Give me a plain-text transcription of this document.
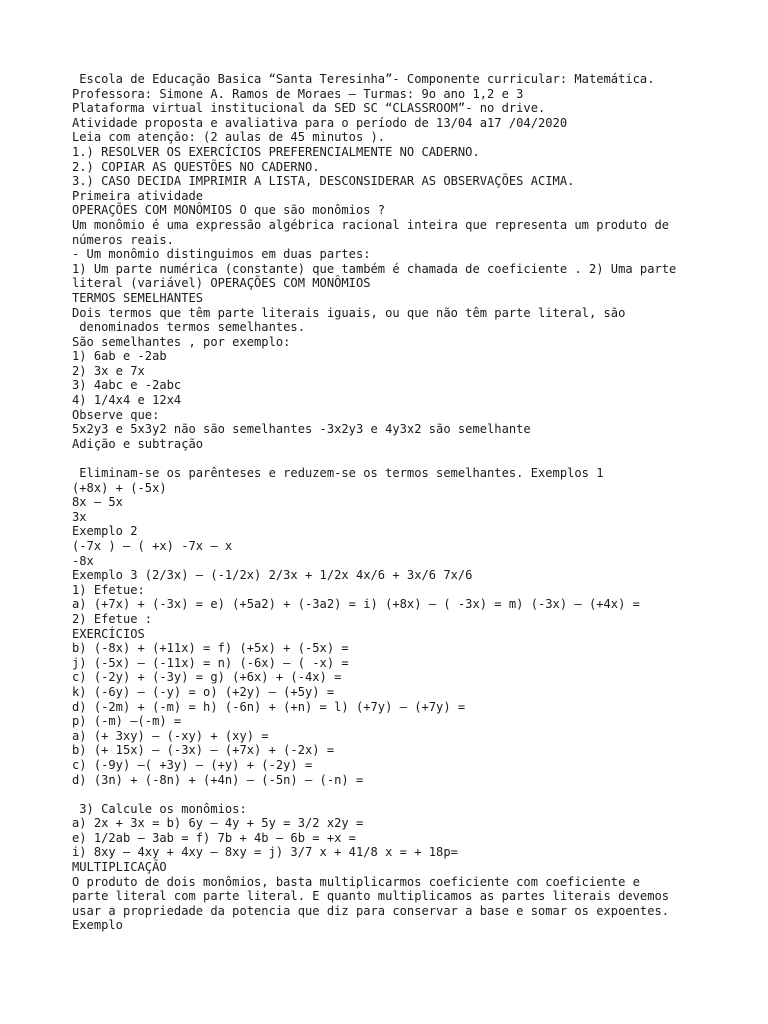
Escola de Educação Basica “Santa Teresinha”- Componente curricular: Matemática.
Professora: Simone A. Ramos de Moraes – Turmas: 9o ano 1,2 e 3
Plataforma virtual institucional da SED SC “CLASSROOM”- no drive.
Atividade proposta e avaliativa para o período de 13/04 a17 /04/2020
Leia com atenção: (2 aulas de 45 minutos ).
1.) RESOLVER OS EXERCÍCIOS PREFERENCIALMENTE NO CADERNO.
2.) COPIAR AS QUESTÕES NO CADERNO.
3.) CASO DECIDA IMPRIMIR A LISTA, DESCONSIDERAR AS OBSERVAÇÕES ACIMA.
Primeira atividade
OPERAÇÕES COM MONÔMIOS O que são monômios ?
Um monômio é uma expressão algébrica racional inteira que representa um produto de
números reais.
- Um monômio distinguimos em duas partes:
1) Um parte numérica (constante) que também é chamada de coeficiente . 2) Uma parte
literal (variável) OPERAÇÕES COM MONÔMIOS
TERMOS SEMELHANTES
Dois termos que têm parte literais iguais, ou que não têm parte literal, são
denominados termos semelhantes.
São semelhantes , por exemplo:
1) 6ab e -2ab
2) 3x e 7x
3) 4abc e -2abc
4) 1/4x4 e 12x4
Observe que:
5x2y3 e 5x3y2 não são semelhantes -3x2y3 e 4y3x2 são semelhante
Adição e subtração
Eliminam-se os parênteses e reduzem-se os termos semelhantes. Exemplos 1
(+8x) + (-5x)
8x – 5x
3x
Exemplo 2
(-7x ) – ( +x) -7x – x
-8x
Exemplo 3 (2/3x) – (-1/2x) 2/3x + 1/2x 4x/6 + 3x/6 7x/6
1) Efetue:
a) (+7x) + (-3x) = e) (+5a2) + (-3a2) = i) (+8x) – ( -3x) = m) (-3x) – (+4x) =
2) Efetue :
EXERCÍCIOS
b) (-8x) + (+11x) = f) (+5x) + (-5x) =
j) (-5x) – (-11x) = n) (-6x) – ( -x) =
c) (-2y) + (-3y) = g) (+6x) + (-4x) =
k) (-6y) – (-y) = o) (+2y) – (+5y) =
d) (-2m) + (-m) = h) (-6n) + (+n) = l) (+7y) – (+7y) =
p) (-m) –(-m) =
a) (+ 3xy) – (-xy) + (xy) =
b) (+ 15x) – (-3x) – (+7x) + (-2x) =
c) (-9y) –( +3y) – (+y) + (-2y) =
d) (3n) + (-8n) + (+4n) – (-5n) – (-n) =
3) Calcule os monômios:
a) 2x + 3x = b) 6y – 4y + 5y = 3/2 x2y =
e) 1/2ab – 3ab = f) 7b + 4b – 6b = +x =
i) 8xy – 4xy + 4xy – 8xy = j) 3/7 x + 41/8 x = + 18p=
MULTIPLICAÇÃO
O produto de dois monômios, basta multiplicarmos coeficiente com coeficiente e
parte literal com parte literal. E quanto multiplicamos as partes literais devemos
usar a propriedade da potencia que diz para conservar a base e somar os expoentes.
Exemplo
